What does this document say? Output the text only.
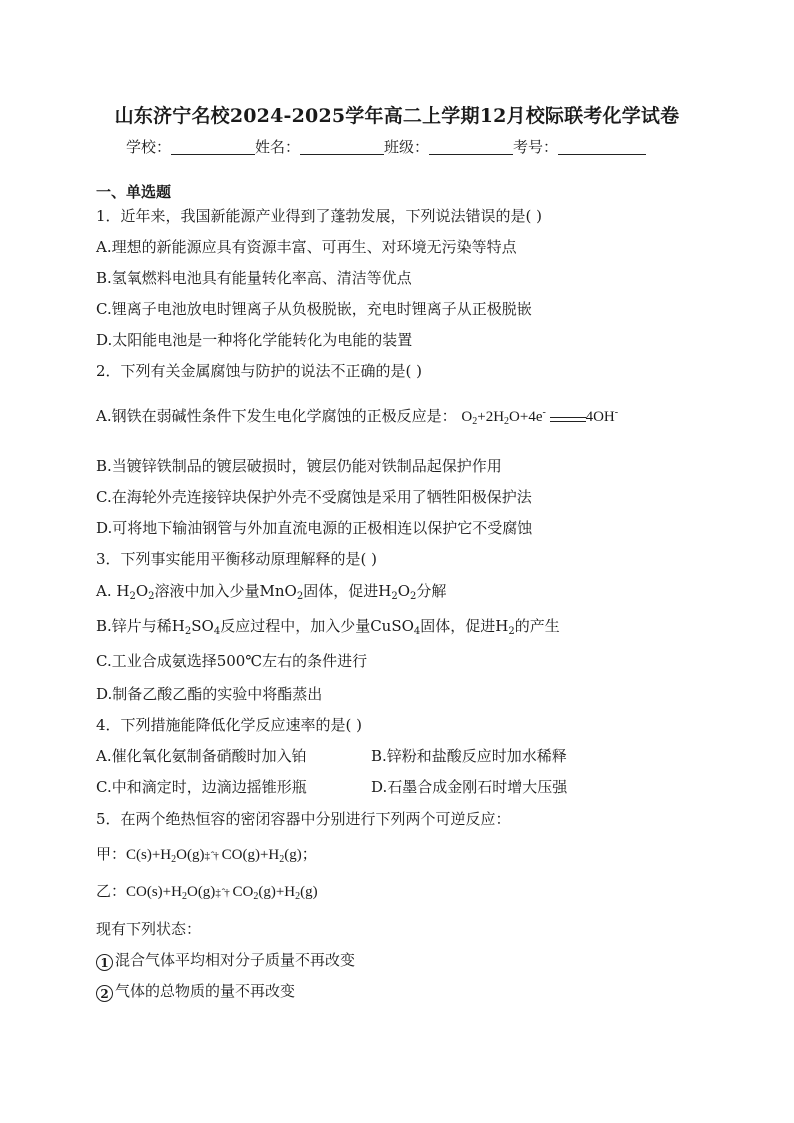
山东济宁名校2024-2025学年高二上学期12月校际联考化学试卷
学校：	姓名：	班级：	考号：
一、单选题
1．近年来，我国新能源产业得到了蓬勃发展，下列说法错误的是( )
A.理想的新能源应具有资源丰富、可再生、对环境无污染等特点
B.氢氧燃料电池具有能量转化率高、清洁等优点
C.锂离子电池放电时锂离子从负极脱嵌，充电时锂离子从正极脱嵌
D.太阳能电池是一种将化学能转化为电能的装置
2．下列有关金属腐蚀与防护的说法不正确的是( )
A.钢铁在弱碱性条件下发生电化学腐蚀的正极反应是： $O_2+2H_2O+4e^-$	4OH-
B.当镀锌铁制品的镀层破损时，镀层仍能对铁制品起保护作用
C.在海轮外壳连接锌块保护外壳不受腐蚀是采用了牺牲阳极保护法
D.可将地下输油钢管与外加直流电源的正极相连以保护它不受腐蚀
3．下列事实能用平衡移动原理解释的是( )
A. $H_2O_2$溶液中加入少量MnO$_2$固体，促进$H_2O_2$分解
B.锌片与稀$H_2SO_4$反应过程中，加入少量CuSO$_4$固体，促进$H_2$的产生
C.工业合成氨选择500℃左右的条件进行
D.制备乙酸乙酯的实验中将酯蒸出
4．下列措施能降低化学反应速率的是( )
A.催化氧化氨制备硝酸时加入铂	B.锌粉和盐酸反应时加水稀释
C.中和滴定时，边滴边摇锥形瓶	D.石墨合成金刚石时增大压强
5．在两个绝热恒容的密闭容器中分别进行下列两个可逆反应：
甲：$C(s)+H_2O(g)\ddagger$ ˆ† $CO(g)+H_2(g)$；
乙：$CO(s)+H_2O(g)\ddagger$ ˆ† $CO_2(g)+H_2(g)$
现有下列状态：
1 混合气体平均相对分子质量不再改变
2 气体的总物质的量不再改变
